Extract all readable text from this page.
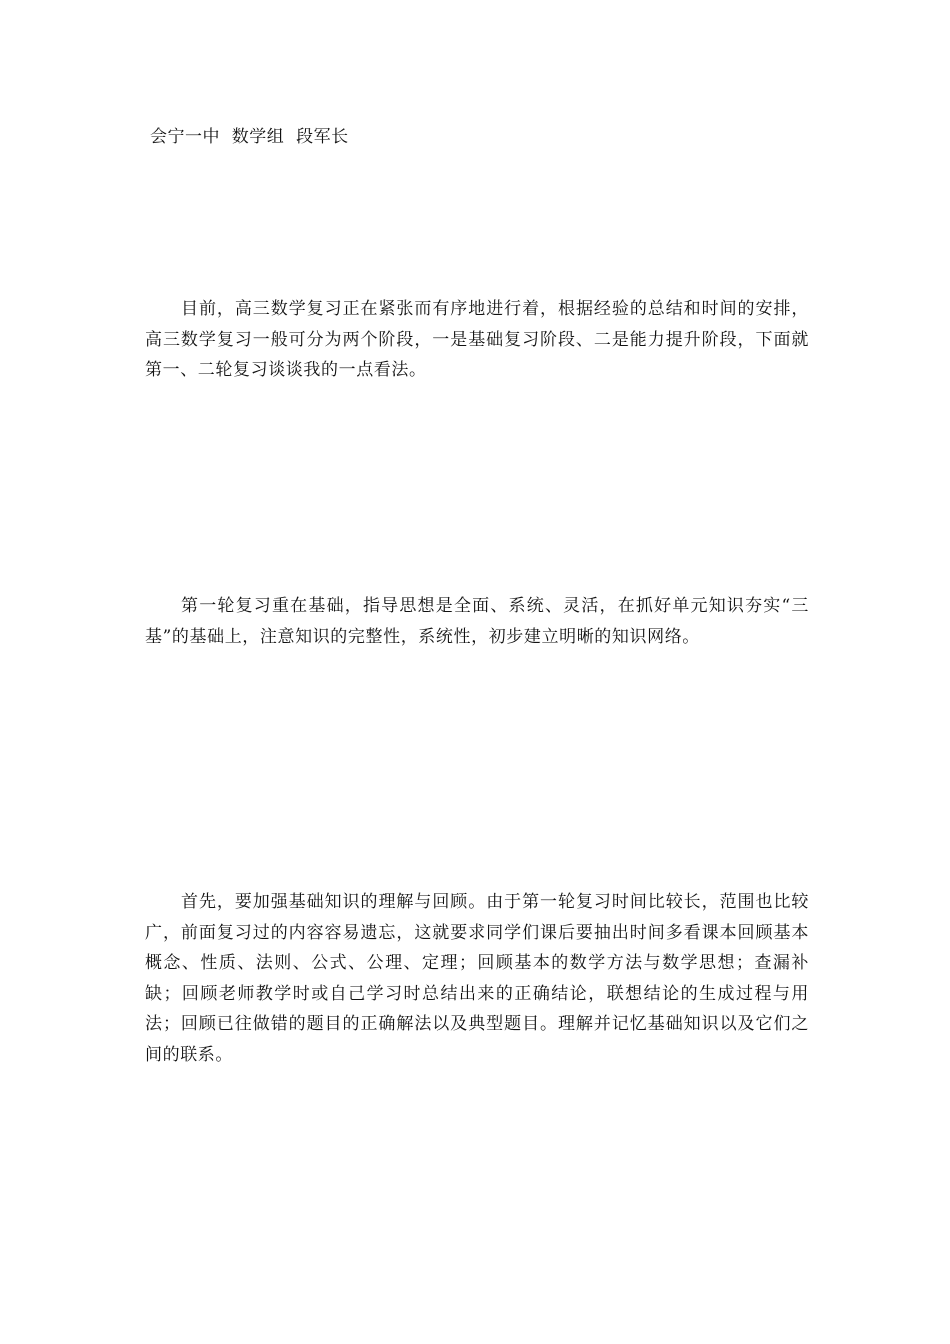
会宁一中  数学组  段军长

目前，高三数学复习正在紧张而有序地进行着，根据经验的总结和时间的安排，高三数学复习一般可分为两个阶段，一是基础复习阶段、二是能力提升阶段，下面就第一、二轮复习谈谈我的一点看法。

第一轮复习重在基础，指导思想是全面、系统、灵活，在抓好单元知识夯实“三基”的基础上，注意知识的完整性，系统性，初步建立明晰的知识网络。

首先，要加强基础知识的理解与回顾。由于第一轮复习时间比较长，范围也比较广，前面复习过的内容容易遗忘，这就要求同学们课后要抽出时间多看课本回顾基本概念、性质、法则、公式、公理、定理；回顾基本的数学方法与数学思想；查漏补缺；回顾老师教学时或自己学习时总结出来的正确结论，联想结论的生成过程与用法；回顾已往做错的题目的正确解法以及典型题目。理解并记忆基础知识以及它们之间的联系。
